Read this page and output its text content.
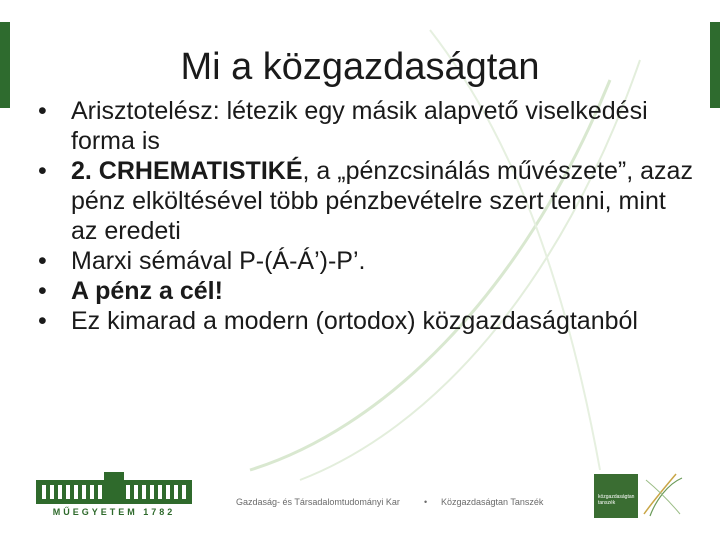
Mi a közgazdaságtan
• Arisztotelész: létezik egy másik alapvető viselkedési forma is
• 2. CRHEMATISTIKÉ, a „pénzcsinálás művészete”, azaz pénz elköltésével több pénzbevételre szert tenni, mint az eredeti
• Marxi sémával P-(Á-Á’)-P’.
• A pénz a cél!
• Ez kimarad a modern (ortodox) közgazdaságtanból
MŰEGYETEM 1782
Gazdaság- és Társadalomtudományi Kar	• Közgazdaságtan Tanszék	közgazdaságtan tanszék
